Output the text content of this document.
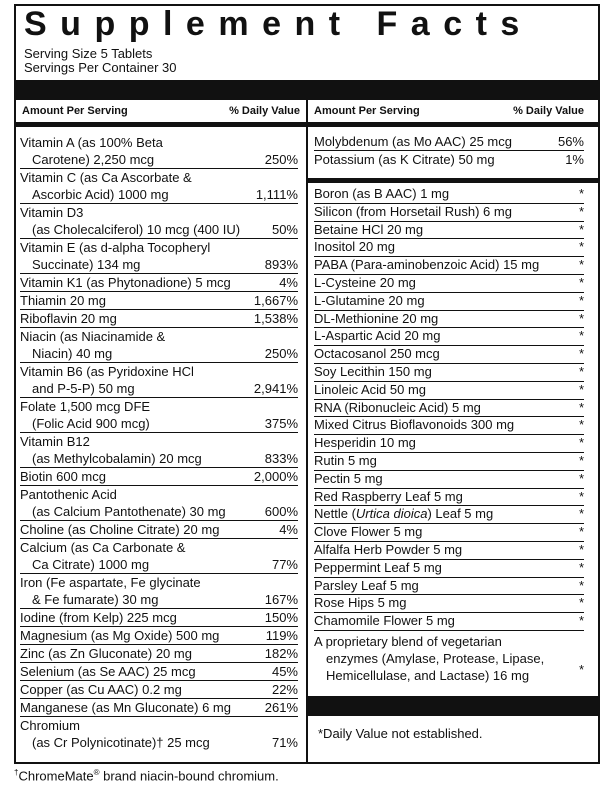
Supplement Facts
Serving Size 5 Tablets
Servings Per Container 30
Amount Per Serving	% Daily Value Amount Per Serving	% Daily Value
Vitamin A (as 100% Beta
Carotene) 2,250 mcg	250%
Vitamin C (as Ca Ascorbate &
Ascorbic Acid) 1000 mg	1,111%
Vitamin D3
(as Cholecalciferol) 10 mcg (400 IU)	50%
Vitamin E (as d-alpha Tocopheryl
Succinate) 134 mg	893%
Vitamin K1 (as Phytonadione) 5 mcg	4%
Thiamin 20 mg	1,667%
Riboflavin 20 mg	1,538%
Niacin (as Niacinamide &
Niacin) 40 mg	250%
Vitamin B6 (as Pyridoxine HCl
and P-5-P) 50 mg	2,941%
Folate 1,500 mcg DFE
(Folic Acid 900 mcg)	375%
Vitamin B12
(as Methylcobalamin) 20 mcg	833%
Biotin 600 mcg	2,000%
Pantothenic Acid
(as Calcium Pantothenate) 30 mg	600%
Choline (as Choline Citrate) 20 mg	4%
Calcium (as Ca Carbonate &
Ca Citrate) 1000 mg	77%
Iron (Fe aspartate, Fe glycinate
& Fe fumarate) 30 mg	167%
Iodine (from Kelp) 225 mcg	150%
Magnesium (as Mg Oxide) 500 mg	119%
Zinc (as Zn Gluconate) 20 mg	182%
Selenium (as Se AAC) 25 mcg	45%
Copper (as Cu AAC) 0.2 mg	22%
Manganese (as Mn Gluconate) 6 mg	261%
Chromium
(as Cr Polynicotinate)† 25 mcg	71%
Molybdenum (as Mo AAC) 25 mcg	56%
Potassium (as K Citrate) 50 mg	1%
Boron (as B AAC) 1 mg	*
Silicon (from Horsetail Rush) 6 mg	*
Betaine HCl 20 mg	*
Inositol 20 mg	*
PABA (Para-aminobenzoic Acid) 15 mg	*
L-Cysteine 20 mg	*
L-Glutamine 20 mg	*
DL-Methionine 20 mg	*
L-Aspartic Acid 20 mg	*
Octacosanol 250 mcg	*
Soy Lecithin 150 mg	*
Linoleic Acid 50 mg	*
RNA (Ribonucleic Acid) 5 mg	*
Mixed Citrus Bioflavonoids 300 mg	*
Hesperidin 10 mg	*
Rutin 5 mg	*
Pectin 5 mg	*
Red Raspberry Leaf 5 mg	*
Nettle (Urtica dioica) Leaf 5 mg	*
Clove Flower 5 mg	*
Alfalfa Herb Powder 5 mg	*
Peppermint Leaf 5 mg	*
Parsley Leaf 5 mg	*
Rose Hips 5 mg	*
Chamomile Flower 5 mg	*
A proprietary blend of vegetarian
enzymes (Amylase, Protease, Lipase,
Hemicellulase, and Lactase) 16 mg	*
*Daily Value not established.
†ChromeMate® brand niacin-bound chromium.
